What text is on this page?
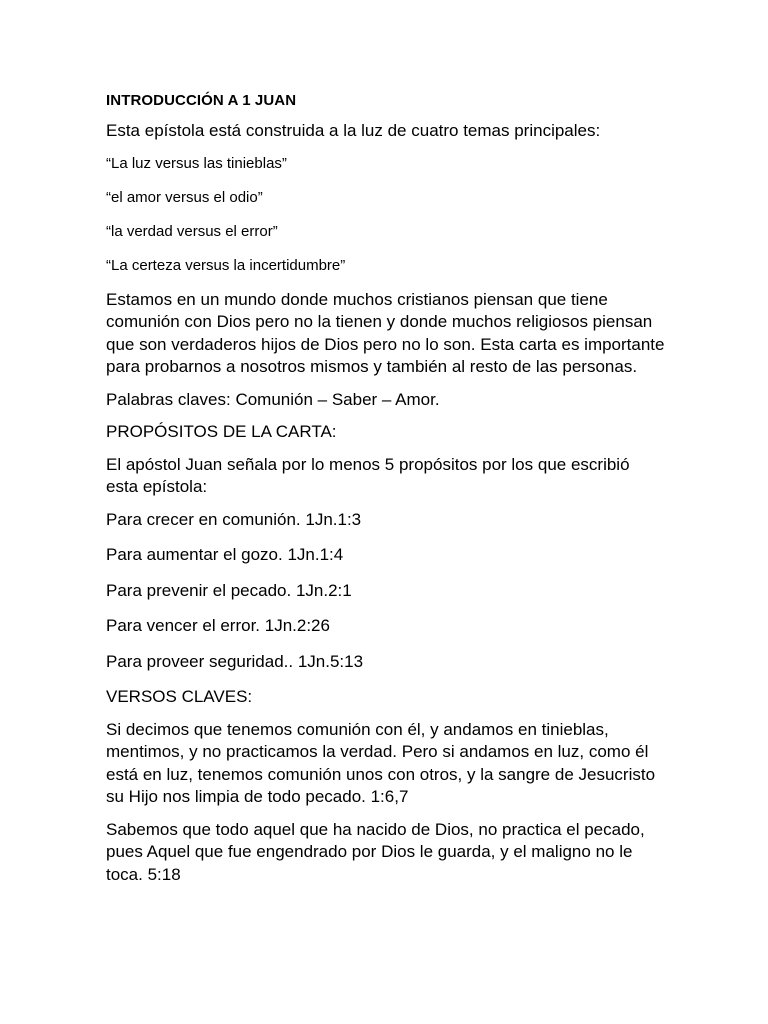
INTRODUCCIÓN A 1 JUAN
Esta epístola está construida a la luz de cuatro temas principales:
“La luz versus las tinieblas”
“el amor versus el odio”
“la verdad versus el error”
“La certeza versus la incertidumbre”
Estamos en un mundo donde muchos cristianos piensan que tiene comunión con Dios pero no la tienen y donde muchos religiosos piensan que son verdaderos hijos de Dios pero no lo son. Esta carta es importante para probarnos a nosotros mismos y también al resto de las personas.
Palabras claves: Comunión – Saber – Amor.
PROPÓSITOS DE LA CARTA:
El apóstol Juan señala por lo menos 5 propósitos por los que escribió esta epístola:
Para crecer en comunión. 1Jn.1:3
Para aumentar el gozo. 1Jn.1:4
Para prevenir el pecado. 1Jn.2:1
Para vencer el error. 1Jn.2:26
Para proveer seguridad.. 1Jn.5:13
VERSOS CLAVES:
Si decimos que tenemos comunión con él, y andamos en tinieblas, mentimos, y no practicamos la verdad. Pero si andamos en luz, como él está en luz, tenemos comunión unos con otros, y la sangre de Jesucristo su Hijo nos limpia de todo pecado. 1:6,7
Sabemos que todo aquel que ha nacido de Dios, no practica el pecado, pues Aquel que fue engendrado por Dios le guarda, y el maligno no le toca. 5:18
